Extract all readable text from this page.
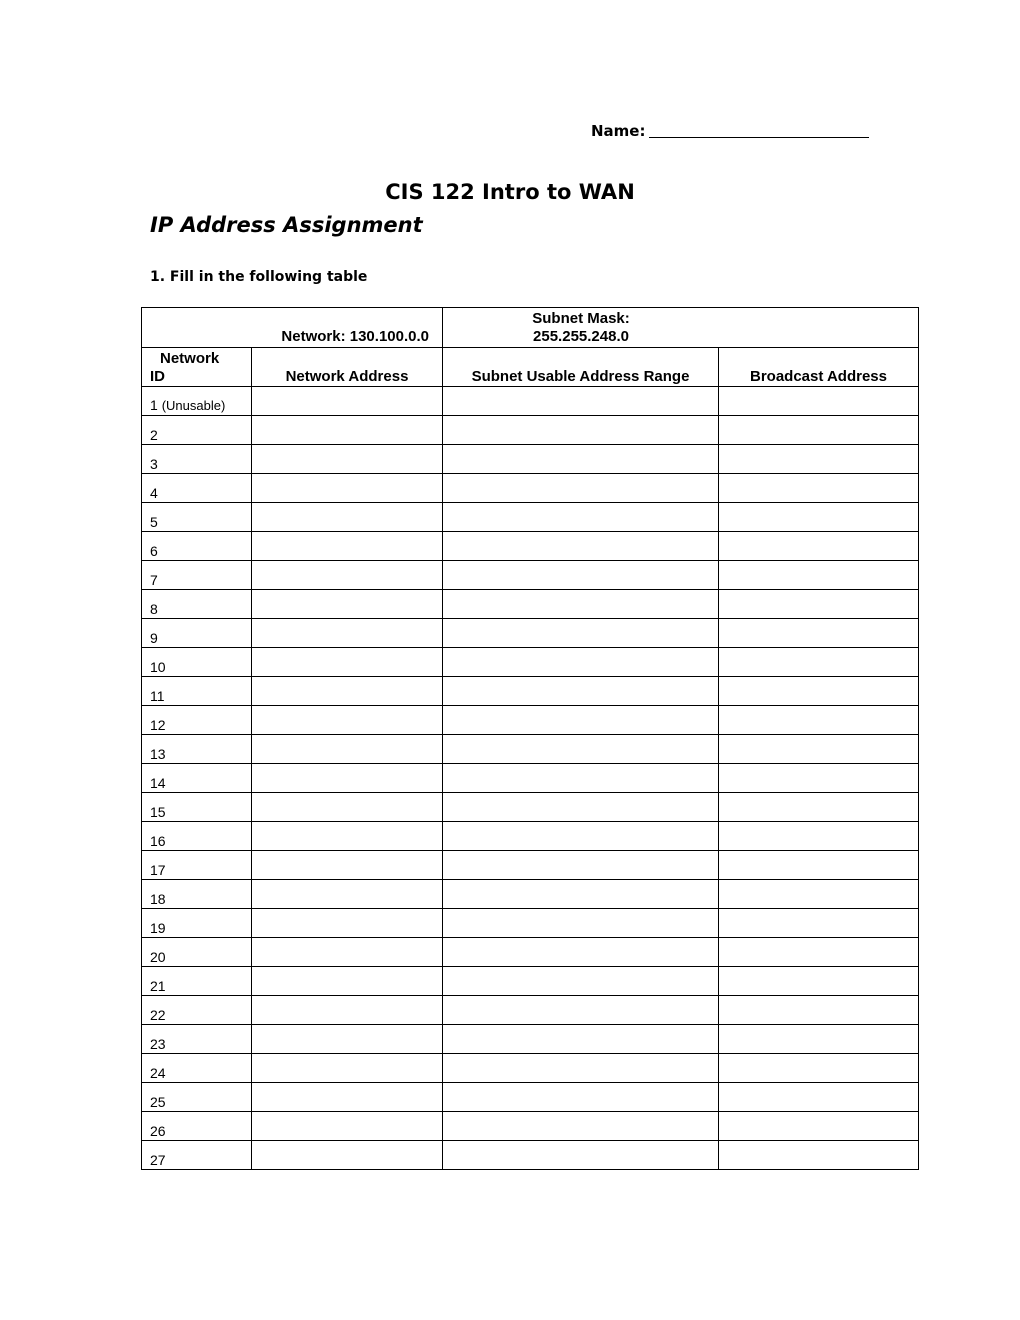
Name:
CIS 122 Intro to WAN
IP Address Assignment
1. Fill in the following table
Network: 130.100.0.0		Subnet Mask:
255.255.248.0	
Network
ID	Network Address	Subnet Usable Address Range	Broadcast Address
1 (Unusable)			
2			
3			
4			
5			
6			
7			
8			
9			
10			
11			
12			
13			
14			
15			
16			
17			
18			
19			
20			
21			
22			
23			
24			
25			
26			
27			
